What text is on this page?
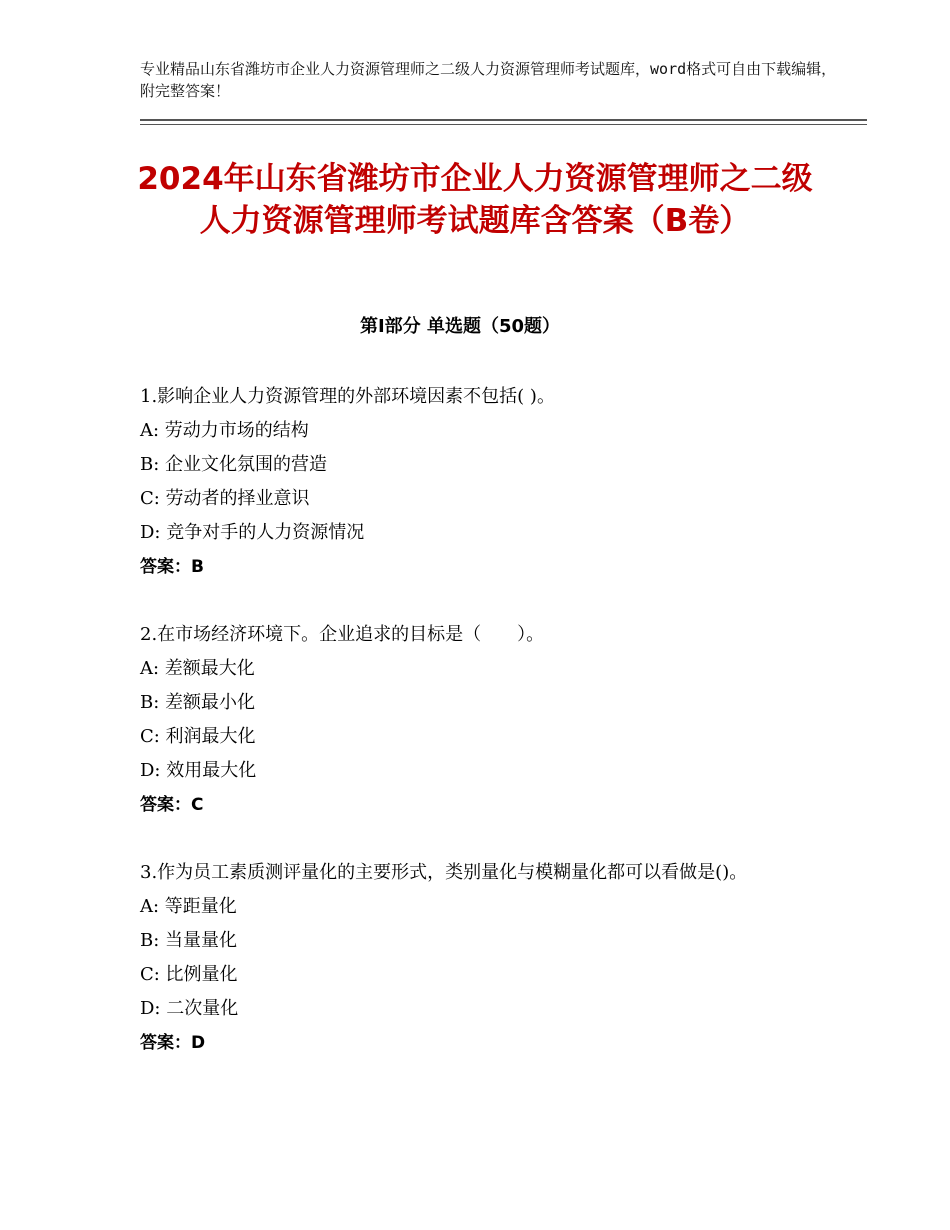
专业精品山东省潍坊市企业人力资源管理师之二级人力资源管理师考试题库，word格式可自由下载编辑，附完整答案！
2024年山东省潍坊市企业人力资源管理师之二级人力资源管理师考试题库含答案（B卷）
第Ⅰ部分 单选题（50题）

1.影响企业人力资源管理的外部环境因素不包括( )。

A: 劳动力市场的结构

B: 企业文化氛围的营造

C: 劳动者的择业意识

D: 竞争对手的人力资源情况

答案：B

2.在市场经济环境下。企业追求的目标是（　　）。

A: 差额最大化

B: 差额最小化

C: 利润最大化

D: 效用最大化

答案：C

3.作为员工素质测评量化的主要形式，类别量化与模糊量化都可以看做是()。

A: 等距量化

B: 当量量化

C: 比例量化

D: 二次量化

答案：D
